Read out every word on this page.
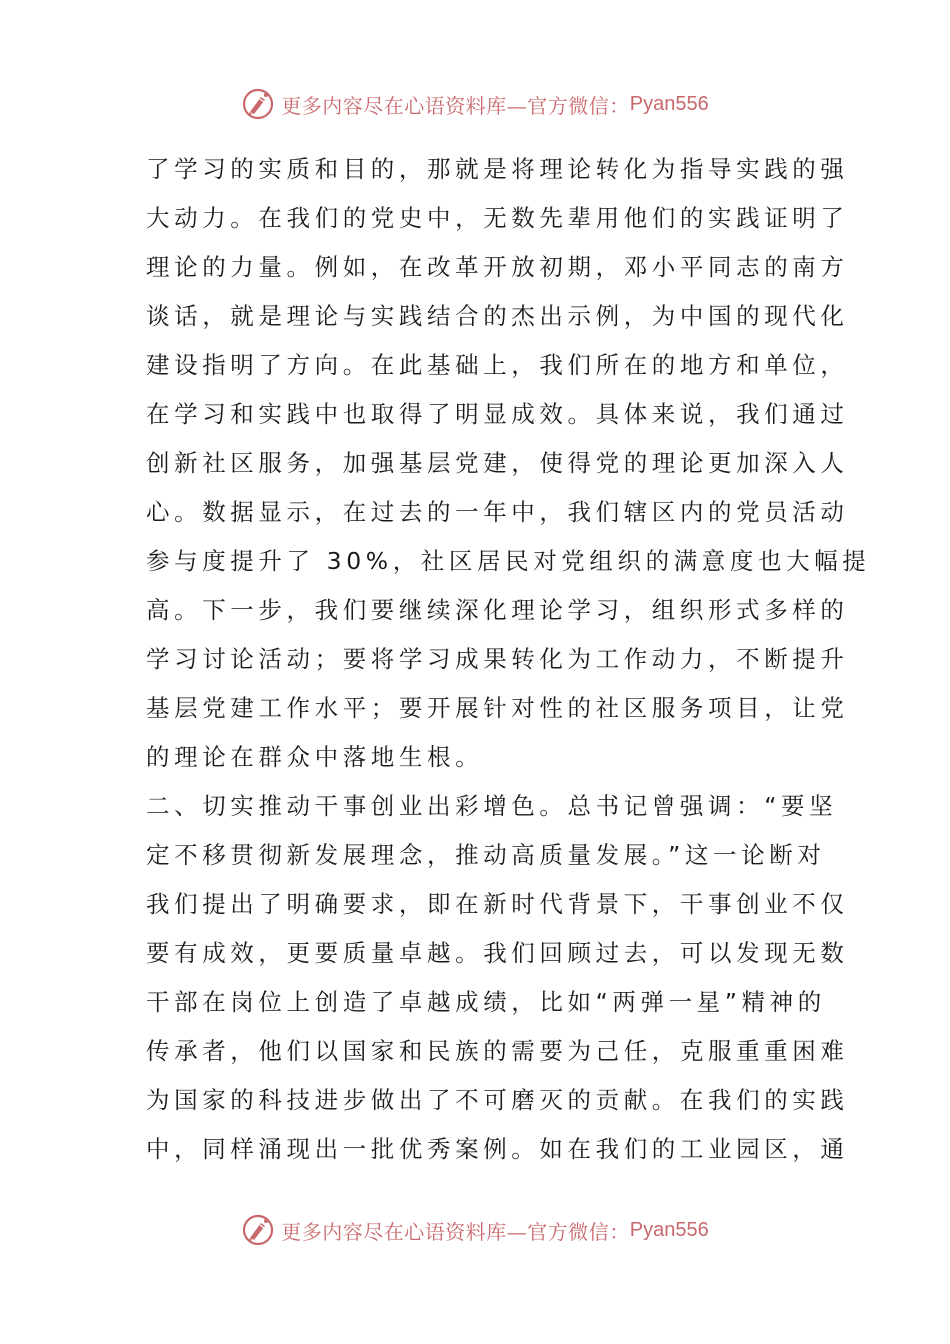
更多内容尽在心语资料库—官方微信： Pyan556
了学习的实质和目的，那就是将理论转化为指导实践的强
大动力。在我们的党史中，无数先辈用他们的实践证明了
理论的力量。例如，在改革开放初期，邓小平同志的南方
谈话，就是理论与实践结合的杰出示例，为中国的现代化
建设指明了方向。在此基础上，我们所在的地方和单位，
在学习和实践中也取得了明显成效。具体来说，我们通过
创新社区服务，加强基层党建，使得党的理论更加深入人
心。数据显示，在过去的一年中，我们辖区内的党员活动
参与度提升了 30%，社区居民对党组织的满意度也大幅提
高。下一步，我们要继续深化理论学习，组织形式多样的
学习讨论活动；要将学习成果转化为工作动力，不断提升
基层党建工作水平；要开展针对性的社区服务项目，让党
的理论在群众中落地生根。
二、切实推动干事创业出彩增色。总书记曾强调：“要坚
定不移贯彻新发展理念，推动高质量发展。”这一论断对
我们提出了明确要求，即在新时代背景下，干事创业不仅
要有成效，更要质量卓越。我们回顾过去，可以发现无数
干部在岗位上创造了卓越成绩，比如“两弹一星”精神的
传承者，他们以国家和民族的需要为己任，克服重重困难
为国家的科技进步做出了不可磨灭的贡献。在我们的实践
中，同样涌现出一批优秀案例。如在我们的工业园区，通
更多内容尽在心语资料库—官方微信： Pyan556
